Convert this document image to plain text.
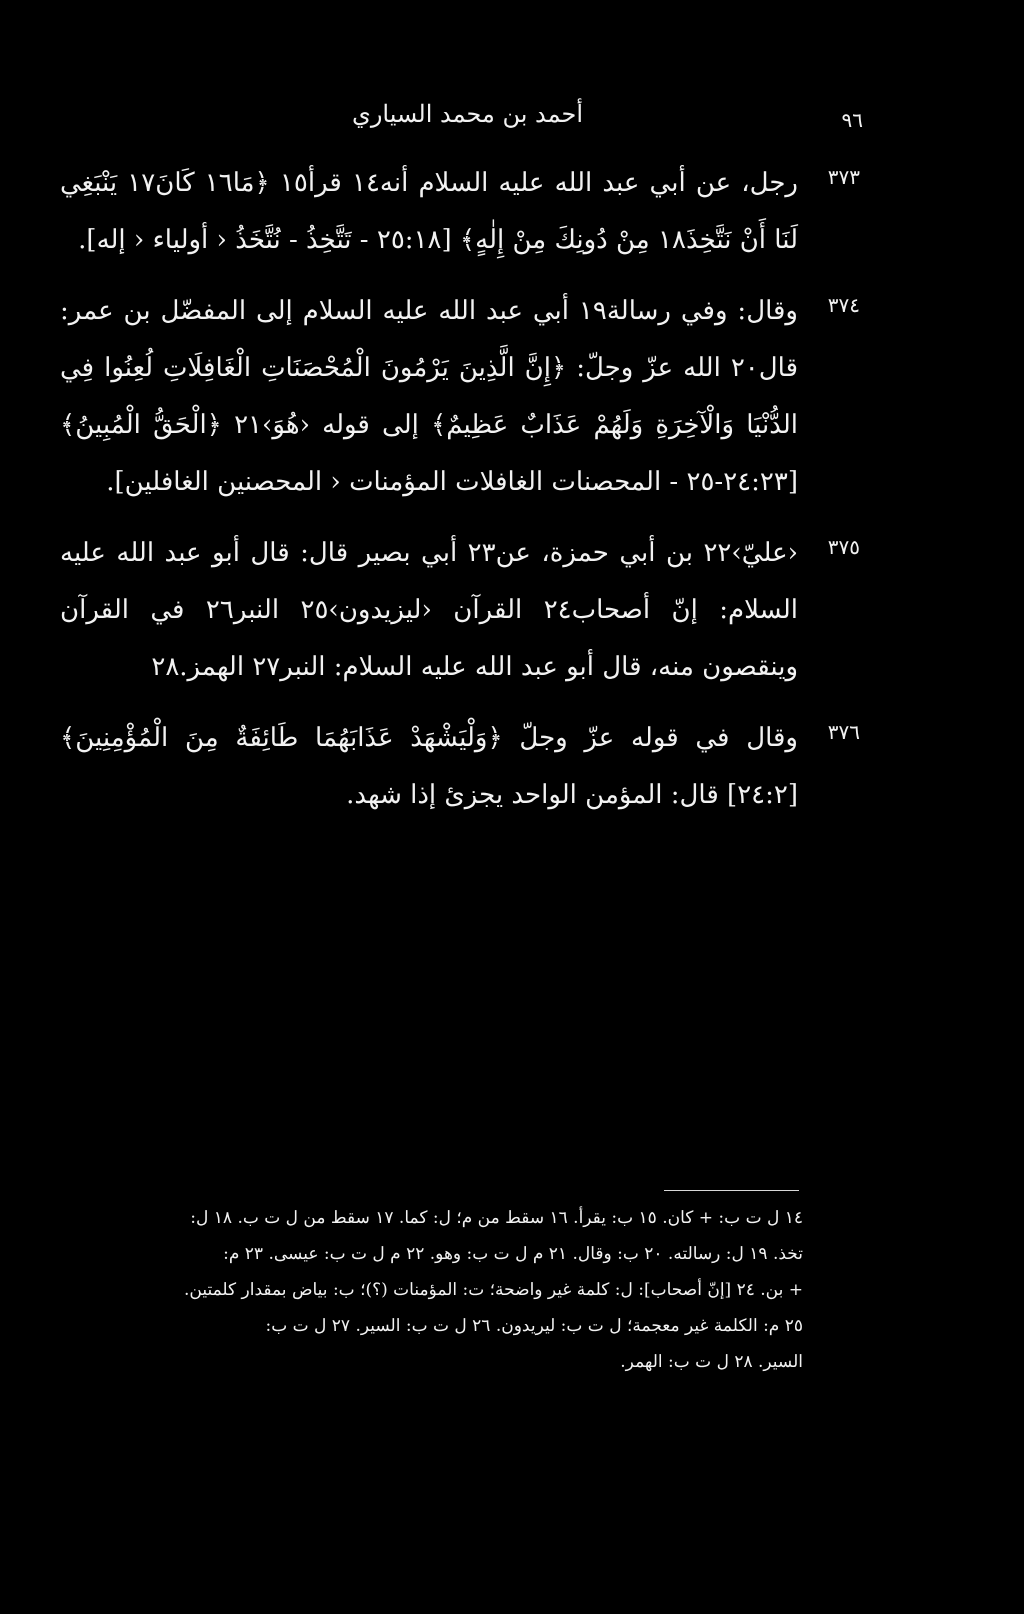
٩٦
أحمد بن محمد السياري
٣٧٣
رجل، عن أبي عبد الله عليه السلام أنه١٤ قرأ١٥ ﴿مَا١٦ كَانَ١٧ يَنْبَغِي لَنَا أَنْ نَتَّخِذَ١٨ مِنْ دُونِكَ مِنْ إِلٰهٍ﴾ [٢٥:١٨ - تَتَّخِذُ - نُتَّخَذُ ‹ أولياء ‹ إله].
٣٧٤
وقال: وفي رسالة١٩ أبي عبد الله عليه السلام إلى المفضّل بن عمر: قال٢٠ الله عزّ وجلّ: ﴿إِنَّ الَّذِينَ يَرْمُونَ الْمُحْصَنَاتِ الْغَافِلَاتِ لُعِنُوا فِي الدُّنْيَا وَالْآخِرَةِ وَلَهُمْ عَذَابٌ عَظِيمٌ﴾ إلى قوله ‹هُوَ›٢١ ﴿الْحَقُّ الْمُبِينُ﴾ [٢٤:٢٣-٢٥ - المحصنات الغافلات المؤمنات ‹ المحصنين الغافلين].
٣٧٥
‹عليّ›٢٢ بن أبي حمزة، عن٢٣ أبي بصير قال: قال أبو عبد الله عليه السلام: إنّ أصحاب٢٤ القرآن ‹ليزيدون›٢٥ النبر٢٦ في القرآن وينقصون منه، قال أبو عبد الله عليه السلام: النبر٢٧ الهمز.٢٨
٣٧٦
وقال في قوله عزّ وجلّ ﴿وَلْيَشْهَدْ عَذَابَهُمَا طَائِفَةٌ مِنَ الْمُؤْمِنِينَ﴾ [٢٤:٢] قال: المؤمن الواحد يجزئ إذا شهد.
١٤ ل ت ب: + كان. ١٥ ب: يقرأ. ١٦ سقط من م؛ ل: كما. ١٧ سقط من ل ت ب. ١٨ ل:
تخذ. ١٩ ل: رسالته. ٢٠ ب: وقال. ٢١ م ل ت ب: وهو. ٢٢ م ل ت ب: عيسى. ٢٣ م:
+ بن. ٢٤ [إنّ أصحاب]: ل: كلمة غير واضحة؛ ت: المؤمنات (؟)؛ ب: بياض بمقدار كلمتين.
٢٥ م: الكلمة غير معجمة؛ ل ت ب: ليريدون. ٢٦ ل ت ب: السير. ٢٧ ل ت ب:
السير. ٢٨ ل ت ب: الهمر.
